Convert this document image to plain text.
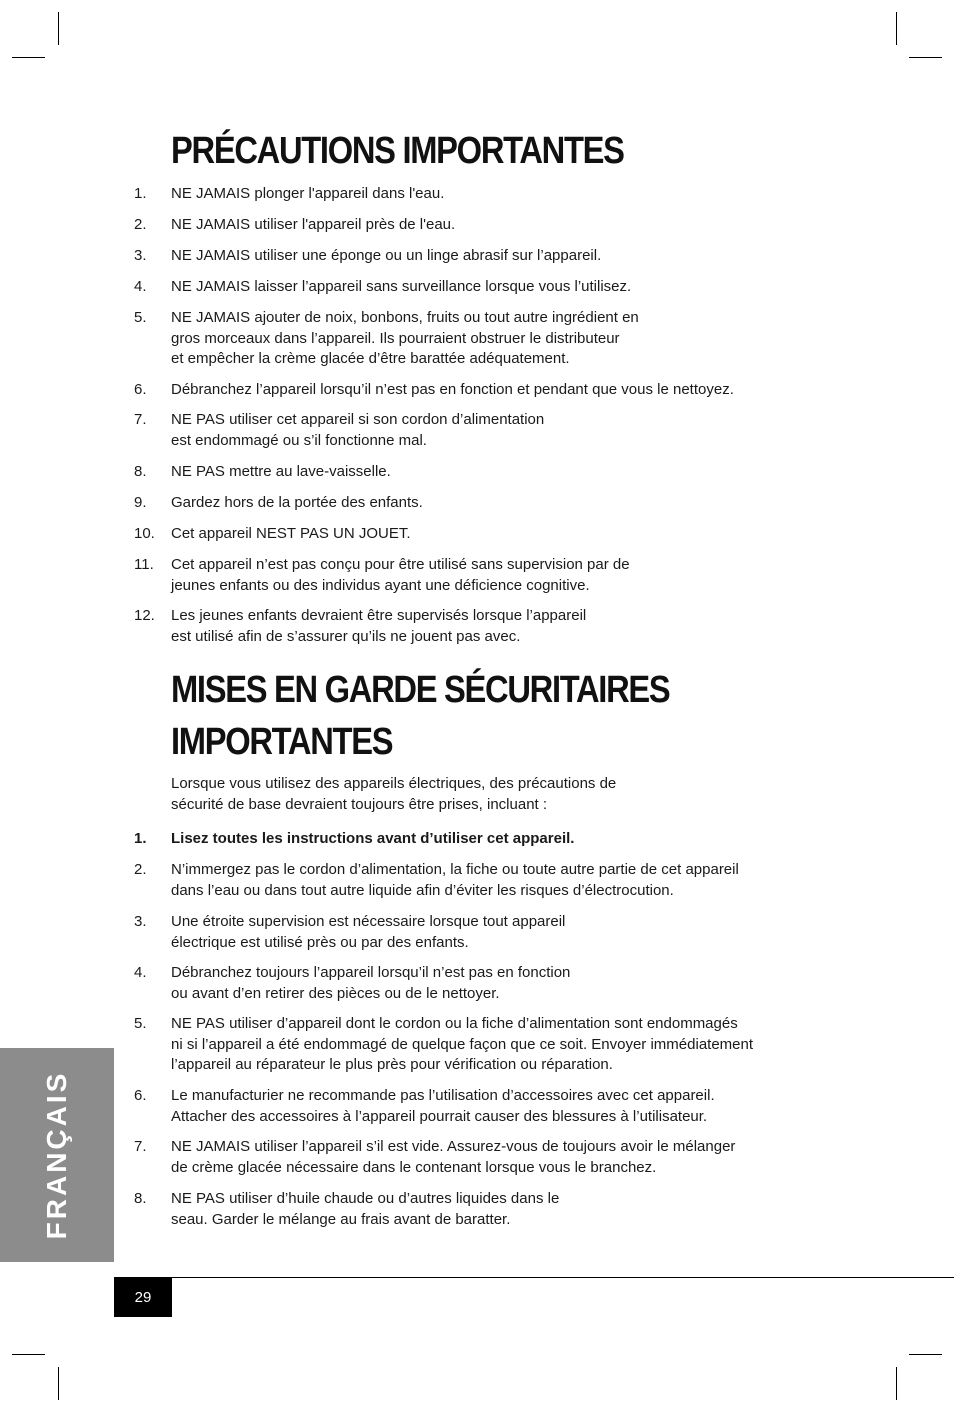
PRÉCAUTIONS IMPORTANTES
1. NE JAMAIS plonger l'appareil dans l'eau.
2. NE JAMAIS utiliser l'appareil près de l'eau.
3. NE JAMAIS utiliser une éponge ou un linge abrasif sur l’appareil.
4. NE JAMAIS laisser l’appareil sans surveillance lorsque vous l’utilisez.
5. NE JAMAIS ajouter de noix, bonbons, fruits ou tout autre ingrédient en
gros morceaux dans l’appareil. Ils pourraient obstruer le distributeur
et empêcher la crème glacée d’être barattée adéquatement.
6. Débranchez l’appareil lorsqu’il n’est pas en fonction et pendant que vous le nettoyez.
7. NE PAS utiliser cet appareil si son cordon d’alimentation
est endommagé ou s’il fonctionne mal.
8. NE PAS mettre au lave-vaisselle.
9. Gardez hors de la portée des enfants.
10. Cet appareil NEST PAS UN JOUET.
11. Cet appareil n’est pas conçu pour être utilisé sans supervision par de
jeunes enfants ou des individus ayant une déficience cognitive.
12. Les jeunes enfants devraient être supervisés lorsque l’appareil
est utilisé afin de s’assurer qu’ils ne jouent pas avec.
MISES EN GARDE SÉCURITAIRES
IMPORTANTES
Lorsque vous utilisez des appareils électriques, des précautions de
sécurité de base devraient toujours être prises, incluant :
1. Lisez toutes les instructions avant d’utiliser cet appareil.
2. N’immergez pas le cordon d’alimentation, la fiche ou toute autre partie de cet appareil
dans l’eau ou dans tout autre liquide afin d’éviter les risques d’électrocution.
3. Une étroite supervision est nécessaire lorsque tout appareil
électrique est utilisé près ou par des enfants.
4. Débranchez toujours l’appareil lorsqu’il n’est pas en fonction
ou avant d’en retirer des pièces ou de le nettoyer.
5. NE PAS utiliser d’appareil dont le cordon ou la fiche d’alimentation sont endommagés
ni si l’appareil a été endommagé de quelque façon que ce soit. Envoyer immédiatement
l’appareil au réparateur le plus près pour vérification ou réparation.
6. Le manufacturier ne recommande pas l’utilisation d’accessoires avec cet appareil.
Attacher des accessoires à l’appareil pourrait causer des blessures à l’utilisateur.
7. NE JAMAIS utiliser l’appareil s’il est vide. Assurez-vous de toujours avoir le mélanger
de crème glacée nécessaire dans le contenant lorsque vous le branchez.
8. NE PAS utiliser d’huile chaude ou d’autres liquides dans le
seau. Garder le mélange au frais avant de baratter.
FRANÇAIS
29
